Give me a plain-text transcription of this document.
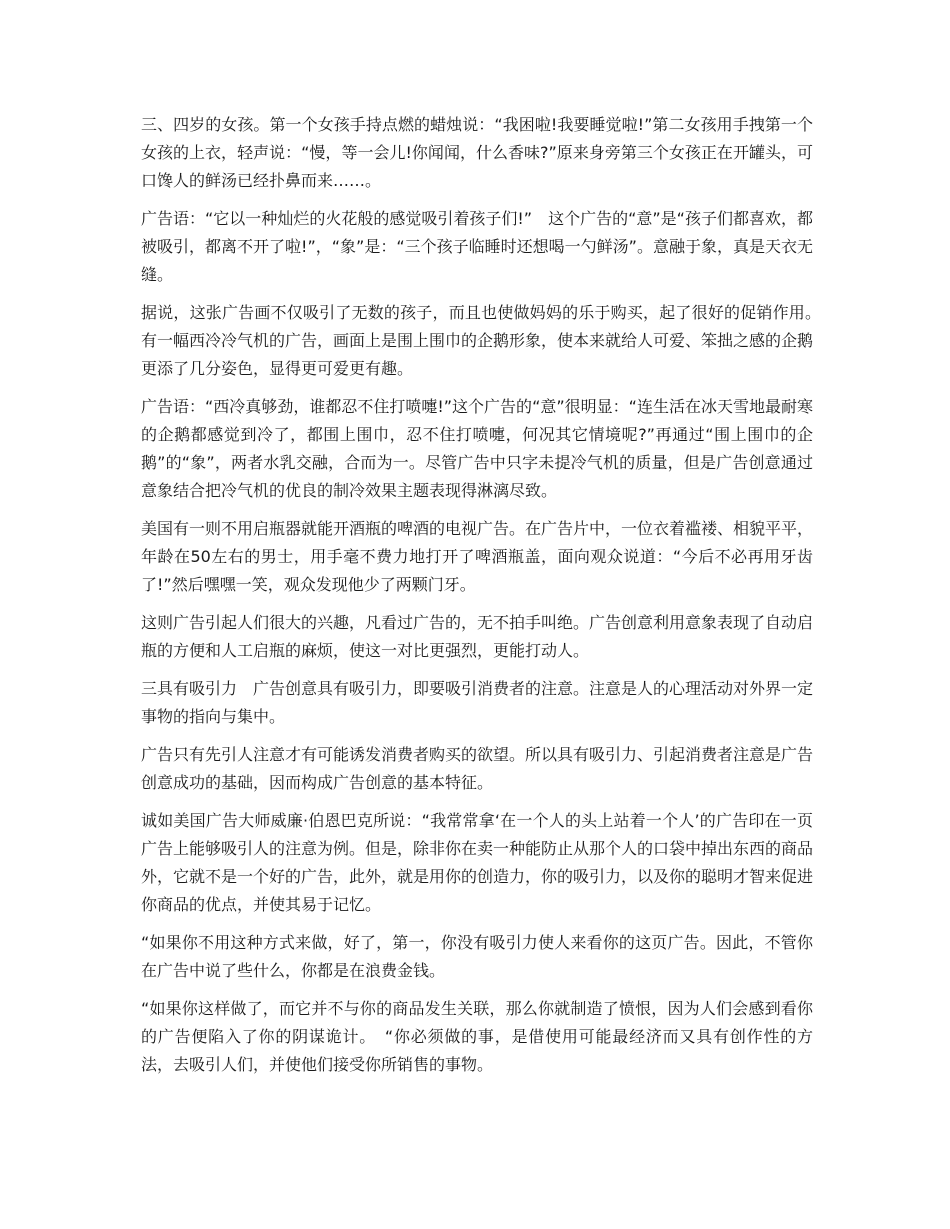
三、四岁的女孩。第一个女孩手持点燃的蜡烛说：“我困啦!我要睡觉啦!”第二女孩用手拽第一个女孩的上衣，轻声说：“慢，等一会儿!你闻闻，什么香味?”原来身旁第三个女孩正在开罐头，可口馋人的鲜汤已经扑鼻而来……。

广告语：“它以一种灿烂的火花般的感觉吸引着孩子们!”　这个广告的“意”是“孩子们都喜欢，都被吸引，都离不开了啦!”，“象”是：“三个孩子临睡时还想喝一勺鲜汤”。意融于象，真是天衣无缝。

据说，这张广告画不仅吸引了无数的孩子，而且也使做妈妈的乐于购买，起了很好的促销作用。　有一幅西冷冷气机的广告，画面上是围上围巾的企鹅形象，使本来就给人可爱、笨拙之感的企鹅更添了几分姿色，显得更可爱更有趣。

广告语：“西冷真够劲，谁都忍不住打喷嚏!”这个广告的“意”很明显：“连生活在冰天雪地最耐寒的企鹅都感觉到冷了，都围上围巾，忍不住打喷嚏，何况其它情境呢?”再通过“围上围巾的企鹅”的“象”，两者水乳交融，合而为一。尽管广告中只字未提冷气机的质量，但是广告创意通过意象结合把冷气机的优良的制冷效果主题表现得淋漓尽致。

美国有一则不用启瓶器就能开酒瓶的啤酒的电视广告。在广告片中，一位衣着褴褛、相貌平平，年龄在50左右的男士，用手毫不费力地打开了啤酒瓶盖，面向观众说道：“今后不必再用牙齿了!”然后嘿嘿一笑，观众发现他少了两颗门牙。

这则广告引起人们很大的兴趣，凡看过广告的，无不拍手叫绝。广告创意利用意象表现了自动启瓶的方便和人工启瓶的麻烦，使这一对比更强烈，更能打动人。

三具有吸引力　广告创意具有吸引力，即要吸引消费者的注意。注意是人的心理活动对外界一定事物的指向与集中。

广告只有先引人注意才有可能诱发消费者购买的欲望。所以具有吸引力、引起消费者注意是广告创意成功的基础，因而构成广告创意的基本特征。

诚如美国广告大师威廉·伯恩巴克所说：“我常常拿‘在一个人的头上站着一个人’的广告印在一页广告上能够吸引人的注意为例。但是，除非你在卖一种能防止从那个人的口袋中掉出东西的商品外，它就不是一个好的广告，此外，就是用你的创造力，你的吸引力，以及你的聪明才智来促进你商品的优点，并使其易于记忆。

“如果你不用这种方式来做，好了，第一，你没有吸引力使人来看你的这页广告。因此，不管你在广告中说了些什么，你都是在浪费金钱。

“如果你这样做了，而它并不与你的商品发生关联，那么你就制造了愤恨，因为人们会感到看你的广告便陷入了你的阴谋诡计。　“你必须做的事，是借使用可能最经济而又具有创作性的方法，去吸引人们，并使他们接受你所销售的事物。
